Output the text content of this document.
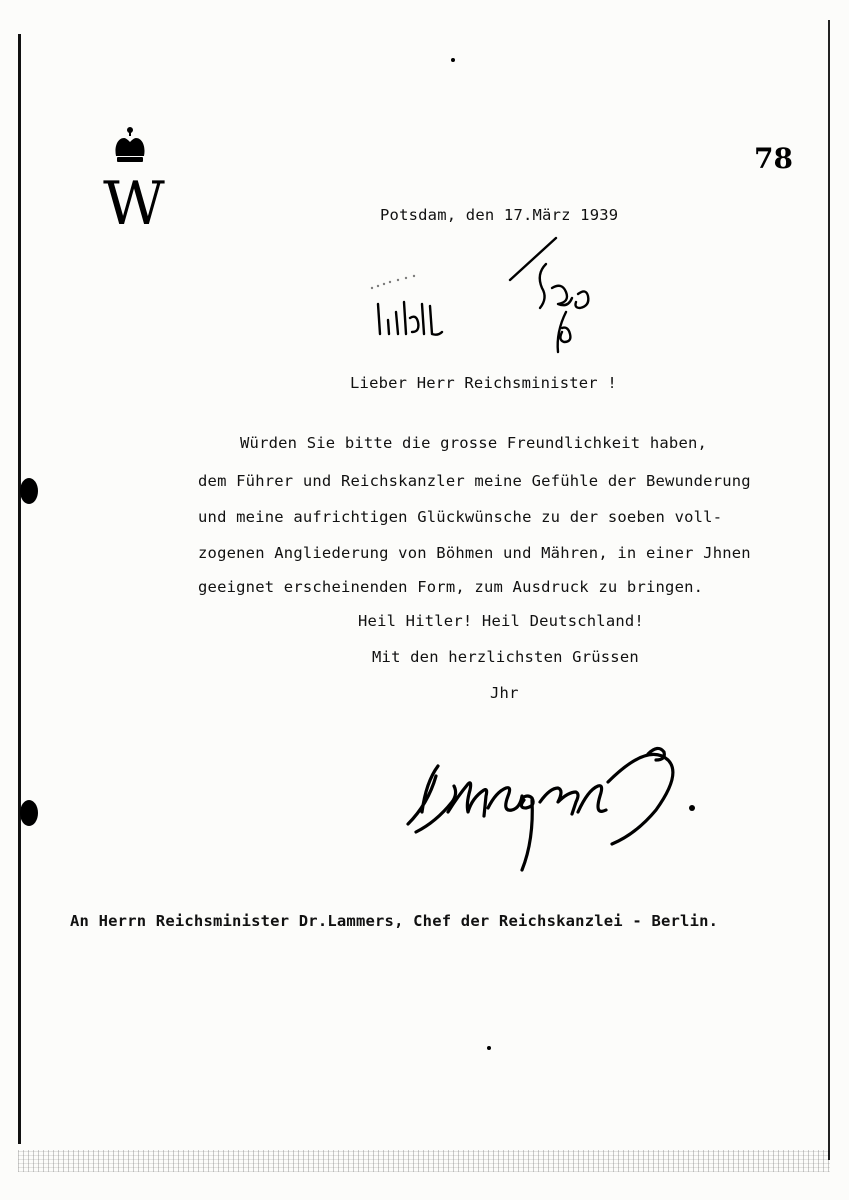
W
78
Potsdam, den 17.März 1939
Lieber Herr Reichsminister !
Würden Sie bitte die grosse Freundlichkeit haben,
dem Führer und Reichskanzler meine Gefühle der Bewunderung
und meine aufrichtigen Glückwünsche zu der soeben voll-
zogenen Angliederung von Böhmen und Mähren, in einer Jhnen
geeignet erscheinenden Form, zum Ausdruck zu bringen.
Heil Hitler! Heil Deutschland!
Mit den herzlichsten Grüssen
Jhr
An Herrn Reichsminister Dr.Lammers, Chef der Reichskanzlei - Berlin.
